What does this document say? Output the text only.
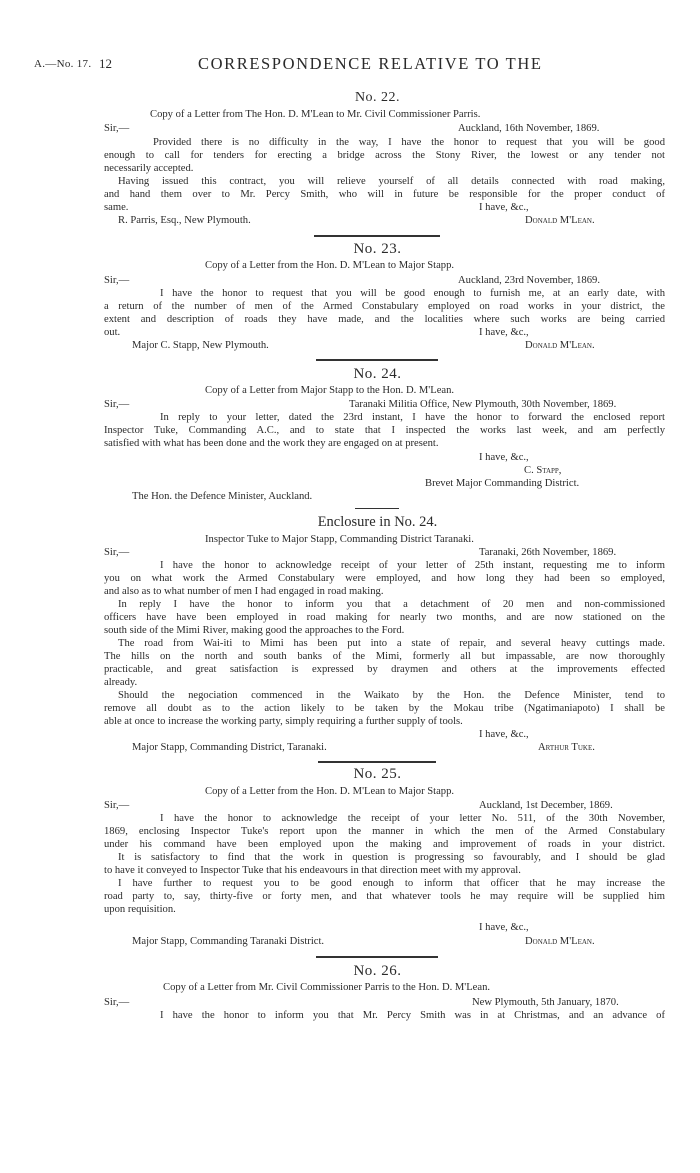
A.—No. 17. 12	CORRESPONDENCE RELATIVE TO THE
No. 22.
Copy of a Letter from The Hon. D. M'Lean to Mr. Civil Commissioner Parris.
Sir,—	Auckland, 16th November, 1869.
Provided there is no difficulty in the way, I have the honor to request that you will be good
enough to call for tenders for erecting a bridge across the Stony River, the lowest or any tender not
necessarily accepted.
Having issued this contract, you will relieve yourself of all details connected with road making,
and hand them over to Mr. Percy Smith, who will in future be responsible for the proper conduct of
same.	I have, &c.,
R. Parris, Esq., New Plymouth.	Donald M'Lean.
No. 23.
Copy of a Letter from the Hon. D. M'Lean to Major Stapp.
Sir,—	Auckland, 23rd November, 1869.
I have the honor to request that you will be good enough to furnish me, at an early date, with
a return of the number of men of the Armed Constabulary employed on road works in your district, the
extent and description of roads they have made, and the localities where such works are being carried
out.	I have, &c.,
Major C. Stapp, New Plymouth.	Donald M'Lean.
No. 24.
Copy of a Letter from Major Stapp to the Hon. D. M'Lean.
Sir,—	Taranaki Militia Office, New Plymouth, 30th November, 1869.
In reply to your letter, dated the 23rd instant, I have the honor to forward the enclosed report
Inspector Tuke, Commanding A.C., and to state that I inspected the works last week, and am perfectly
satisfied with what has been done and the work they are engaged on at present.
I have, &c.,
C. Stapp,
Brevet Major Commanding District.
The Hon. the Defence Minister, Auckland.
Enclosure in No. 24.
Inspector Tuke to Major Stapp, Commanding District Taranaki.
Sir,—	Taranaki, 26th November, 1869.
I have the honor to acknowledge receipt of your letter of 25th instant, requesting me to inform
you on what work the Armed Constabulary were employed, and how long they had been so employed,
and also as to what number of men I had engaged in road making.
In reply I have the honor to inform you that a detachment of 20 men and non-commissioned
officers have have been employed in road making for nearly two months, and are now stationed on the
south side of the Mimi River, making good the approaches to the Ford.
The road from Wai-iti to Mimi has been put into a state of repair, and several heavy cuttings made.
The hills on the north and south banks of the Mimi, formerly all but impassable, are now thoroughly
practicable, and great satisfaction is expressed by draymen and others at the improvements effected
already.
Should the negociation commenced in the Waikato by the Hon. the Defence Minister, tend to
remove all doubt as to the action likely to be taken by the Mokau tribe (Ngatimaniapoto) I shall be
able at once to increase the working party, simply requiring a further supply of tools.
I have, &c.,
Major Stapp, Commanding District, Taranaki.	Arthur Tuke.
No. 25.
Copy of a Letter from the Hon. D. M'Lean to Major Stapp.
Sir,—	Auckland, 1st December, 1869.
I have the honor to acknowledge the receipt of your letter No. 511, of the 30th November,
1869, enclosing Inspector Tuke's report upon the manner in which the men of the Armed Constabulary
under his command have been employed upon the making and improvement of roads in your district.
It is satisfactory to find that the work in question is progressing so favourably, and I should be glad
to have it conveyed to Inspector Tuke that his endeavours in that direction meet with my approval.
I have further to request you to be good enough to inform that officer that he may increase the
road party to, say, thirty-five or forty men, and that whatever tools he may require will be supplied him
upon requisition.
I have, &c.,
Major Stapp, Commanding Taranaki District.	Donald M'Lean.
No. 26.
Copy of a Letter from Mr. Civil Commissioner Parris to the Hon. D. M'Lean.
Sir,—	New Plymouth, 5th January, 1870.
I have the honor to inform you that Mr. Percy Smith was in at Christmas, and an advance of
